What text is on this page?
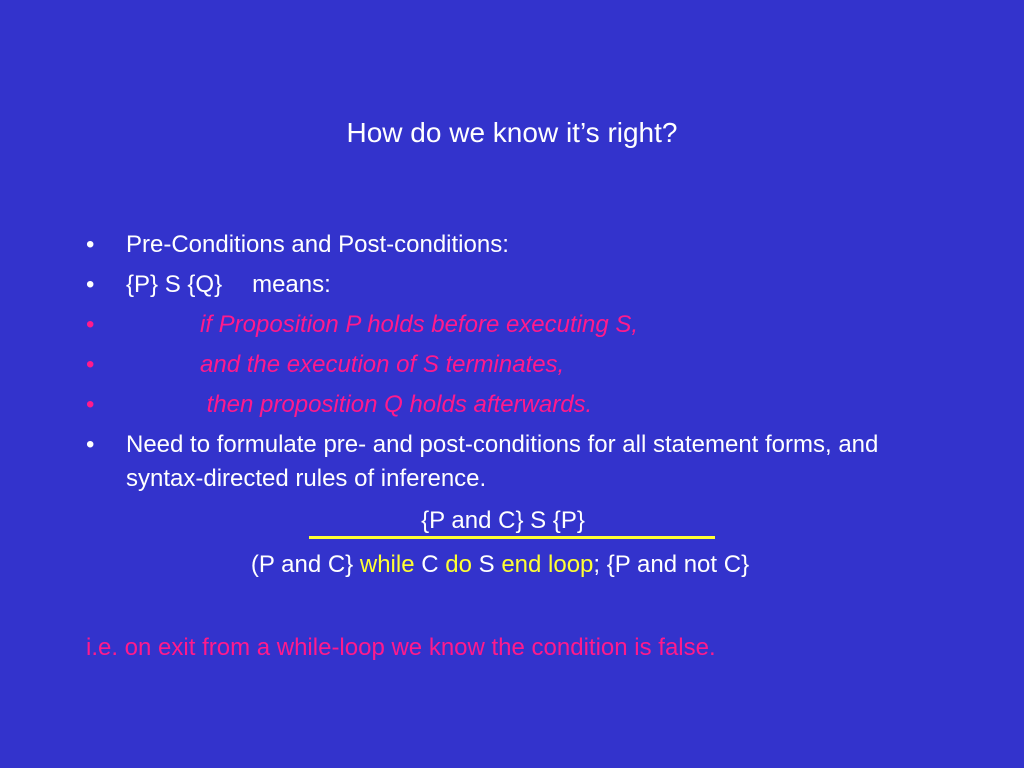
How do we know it’s right?
•	Pre-Conditions and Post-conditions:
•	{P} S {Q} means:
•	if Proposition P holds before executing S,
•	and the execution of S terminates,
•	then proposition Q holds afterwards.
•	Need to formulate pre- and post-conditions for all statement forms, and syntax-directed rules of inference.
{P and C} S {P}
(P and C} while C do S end loop; {P and not C}
i.e. on exit from a while-loop we know the condition is false.
